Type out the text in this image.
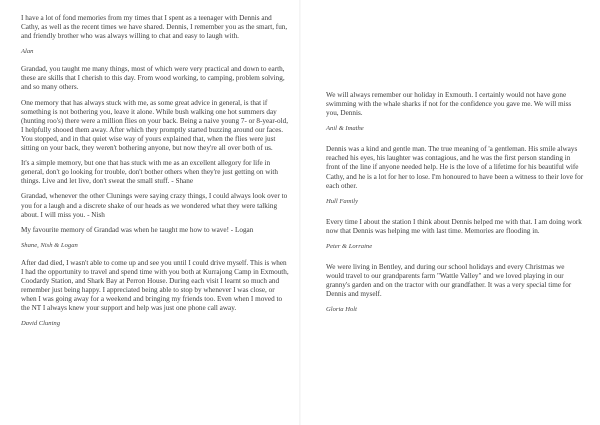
I have a lot of fond memories from my times that I spent as a teenager with Dennis and Cathy, as well as the recent times we have shared. Dennis, I remember you as the smart, fun, and friendly brother who was always willing to chat and easy to laugh with.

Alan

Grandad, you taught me many things, most of which were very practical and down to earth, these are skills that I cherish to this day. From wood working, to camping, problem solving, and so many others.

One memory that has always stuck with me, as some great advice in general, is that if something is not bothering you, leave it alone. While bush walking one hot summers day (hunting roo's) there were a million flies on your back. Being a naive young 7- or 8-year-old, I helpfully shooed them away. After which they promptly started buzzing around our faces. You stopped, and in that quiet wise way of yours explained that, when the flies were just sitting on your back, they weren't bothering anyone, but now they're all over both of us.

It's a simple memory, but one that has stuck with me as an excellent allegory for life in general, don't go looking for trouble, don't bother others when they're just getting on with things. Live and let live, don't sweat the small stuff. - Shane

Grandad, whenever the other Clunings were saying crazy things, I could always look over to you for a laugh and a discrete shake of our heads as we wondered what they were talking about. I will miss you. - Nish

My favourite memory of Grandad was when he taught me how to wave! - Logan

Shane, Nish & Logan

After dad died, I wasn't able to come up and see you until I could drive myself. This is when I had the opportunity to travel and spend time with you both at Kurrajong Camp in Exmouth, Coodardy Station, and Shark Bay at Perron House. During each visit I learnt so much and remember just being happy. I appreciated being able to stop by whenever I was close, or when I was going away for a weekend and bringing my friends too. Even when I moved to the NT I always knew your support and help was just one phone call away.

David Cluning

We will always remember our holiday in Exmouth. I certainly would not have gone swimming with the whale sharks if not for the confidence you gave me. We will miss you, Dennis.

Anil & Imathe

Dennis was a kind and gentle man. The true meaning of 'a gentleman. His smile always reached his eyes, his laughter was contagious, and he was the first person standing in front of the line if anyone needed help. He is the love of a lifetime for his beautiful wife Cathy, and he is a lot for her to lose. I'm honoured to have been a witness to their love for each other.

Hull Family

Every time I about the station I think about Dennis helped me with that. I am doing work now that Dennis was helping me with last time. Memories are flooding in.

Peter & Lorraine

We were living in Bentley, and during our school holidays and every Christmas we would travel to our grandparents farm "Wattle Valley" and we loved playing in our granny's garden and on the tractor with our grandfather. It was a very special time for Dennis and myself.

Gloria Holt
